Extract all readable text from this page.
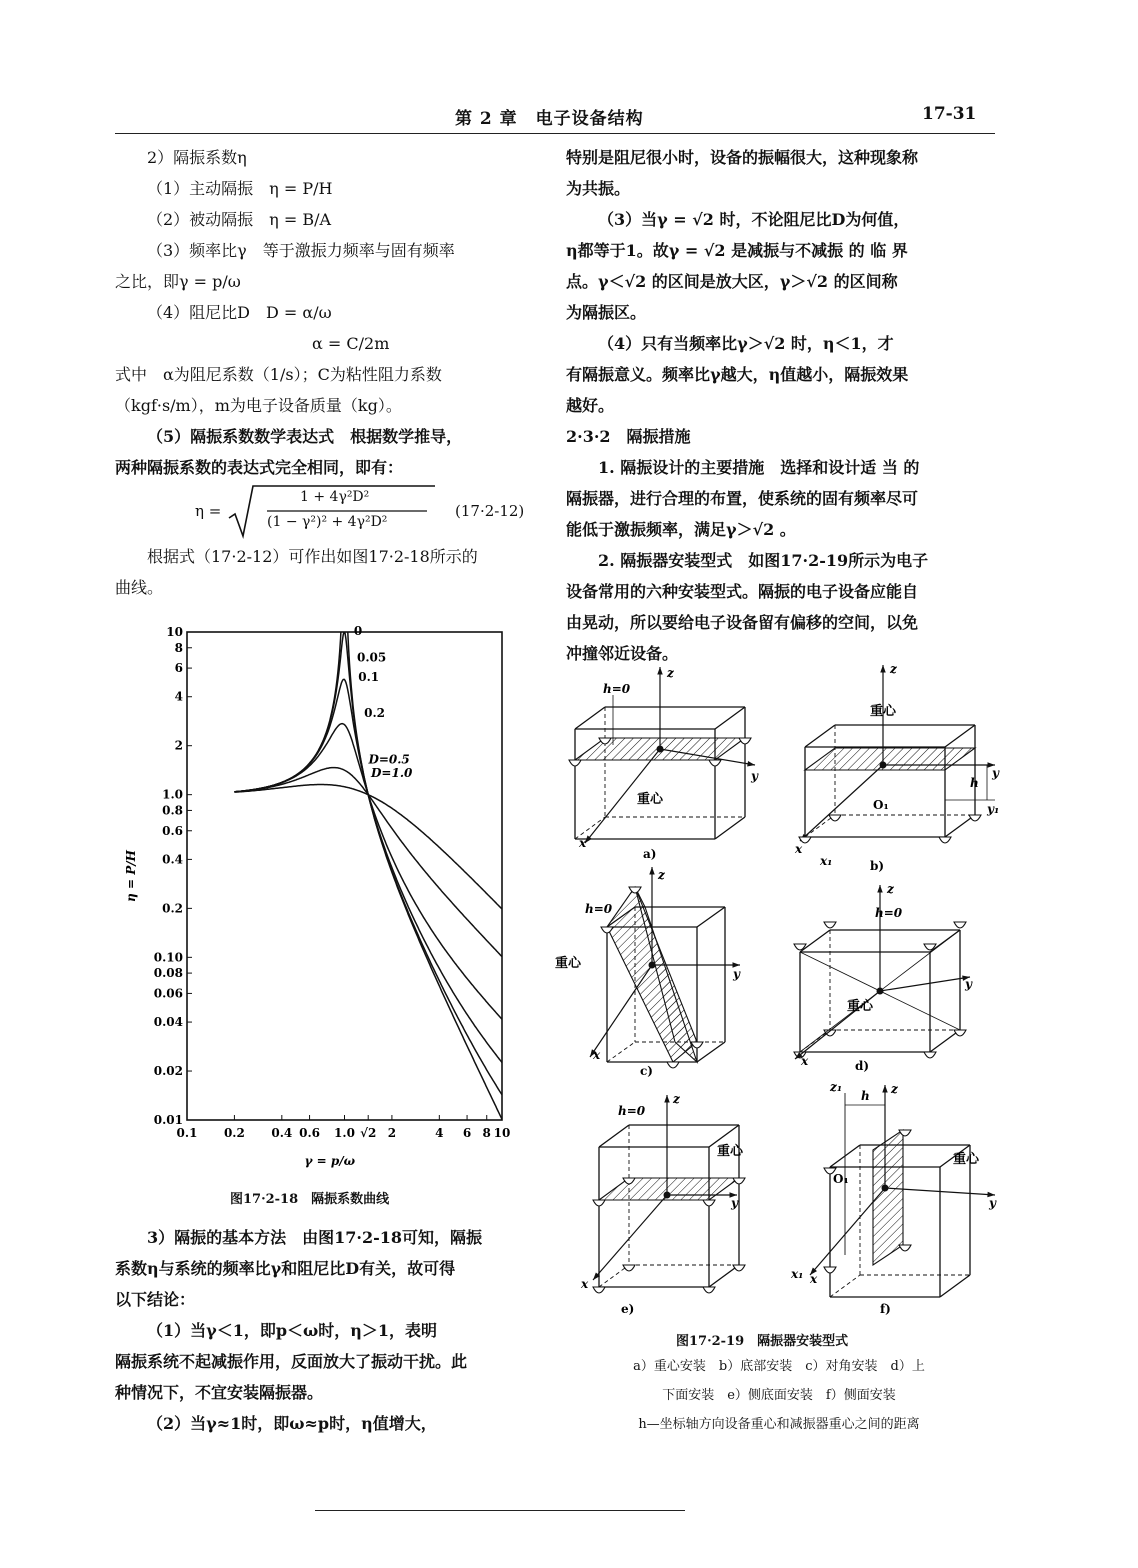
第 2 章　电子设备结构	17-31

2）隔振系数η

（1）主动隔振　η = P/H

（2）被动隔振　η = B/A

（3）频率比γ　等于激振力频率与固有频率

之比，即γ = p/ω

（4）阻尼比D　D = α/ω

α = C/2m

式中　α为阻尼系数（1/s）；C为粘性阻力系数

（kgf·s/m），m为电子设备质量（kg）。

（5）隔振系数数学表达式　根据数学推导，

两种隔振系数的表达式完全相同，即有：

η =
1 + 4γ²D²
(1 − γ²)² + 4γ²D²
(17·2-12)

根据式（17·2-12）可作出如图17·2-18所示的

曲线。

0.1 0.2 0.4 0.6 1.0 √2 2	4 6 8 10
0.01
0.02
0.04
0.06
0.08
0.10
0.2
0.4
0.6
0.8
1.0
2
4
6
8
10
γ = p/ω
η = P/H
0
0.05
0.1
0.2
D=0.5
D=1.0
图17·2-18　隔振系数曲线

3）隔振的基本方法　由图17·2-18可知，隔振

系数η与系统的频率比γ和阻尼比D有关，故可得

以下结论：

（1）当γ＜1，即p＜ω时，η＞1，表明

隔振系统不起减振作用，反面放大了振动干扰。此

种情况下，不宜安装隔振器。

（2）当γ≈1时，即ω≈p时，η值增大，

特别是阻尼很小时，设备的振幅很大，这种现象称

为共振。

（3）当γ = √2 时，不论阻尼比D为何值，

η都等于1。故γ = √2 是减振与不减振 的 临 界

点。γ＜√2 的区间是放大区，γ＞√2 的区间称

为隔振区。

（4）只有当频率比γ＞√2 时，η＜1，才

有隔振意义。频率比γ越大，η值越小，隔振效果

越好。

2·3·2　隔振措施

1. 隔振设计的主要措施　选择和设计适 当 的

隔振器，进行合理的布置，使系统的固有频率尽可

能低于激振频率，满足γ＞√2 。

2. 隔振器安装型式　如图17·2-19所示为电子

设备常用的六种安装型式。隔振的电子设备应能自

由晃动，所以要给电子设备留有偏移的空间，以免

冲撞邻近设备。

z
y
x
h=0
重心
a)
z
y
y₁
h
O₁
x
x₁
重心
b)
z
y
x
h=0
重心
c)
z
y
x
h=0
重心
d)
z
y
x
h=0
重心
e)
z
z₁
h
y
O₁
x
x₁
重心
f)
图17·2-19　隔振器安装型式
a）重心安装　b）底部安装　c）对角安装　d）上
下面安装　e）侧底面安装　f）侧面安装
h—坐标轴方向设备重心和减振器重心之间的距离
